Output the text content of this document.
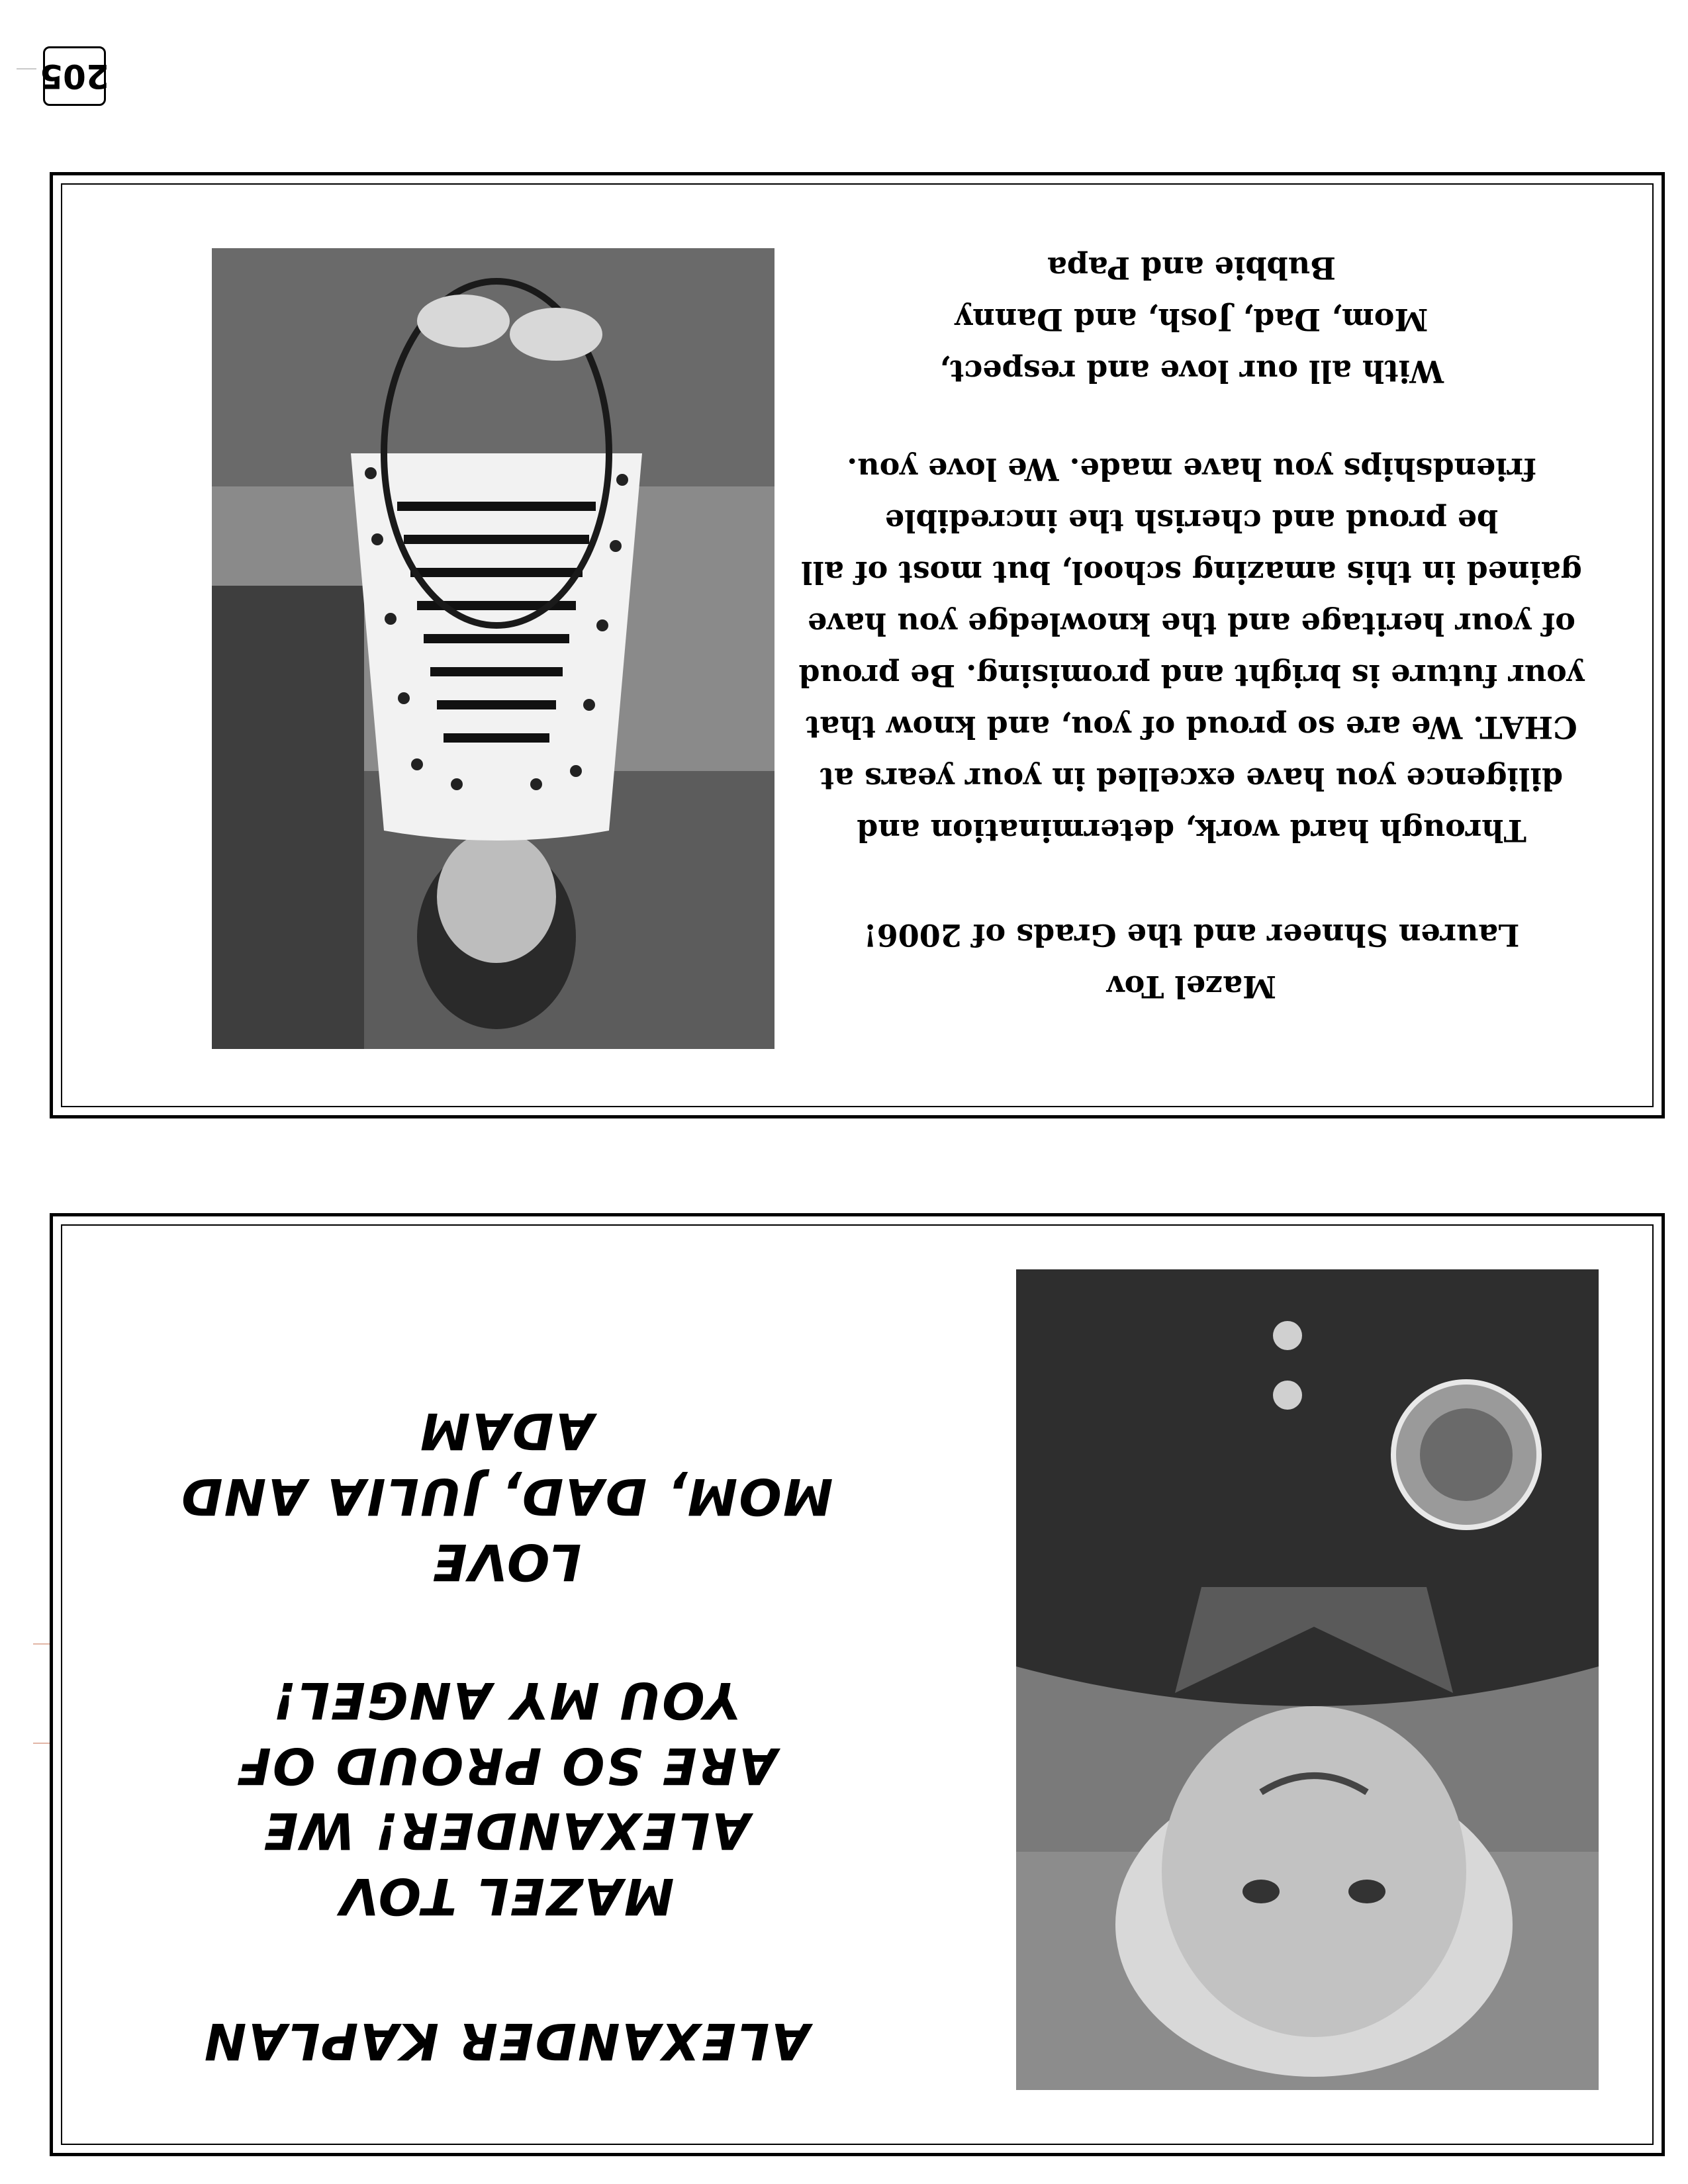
ALEXANDER KAPLAN
MAZEL TOV ALEXANDER! WE ARE SO PROUD OF YOU MY ANGEL!
LOVE
MOM, DAD, JULIA AND ADAM
Mazel Tov
Lauren Shneer and the Grads of 2006!
Through hard work, determination and diligence you have excelled in your years at CHAT. We are so proud of you, and know that your future is bright and promising. Be proud of your heritage and the knowledge you have gained in this amazing school, but most of all be proud and cherish the incredible friendships you have made. We love you.
With all our love and respect,
Mom, Dad, Josh, and Danny
Bubbie and Papa
205
